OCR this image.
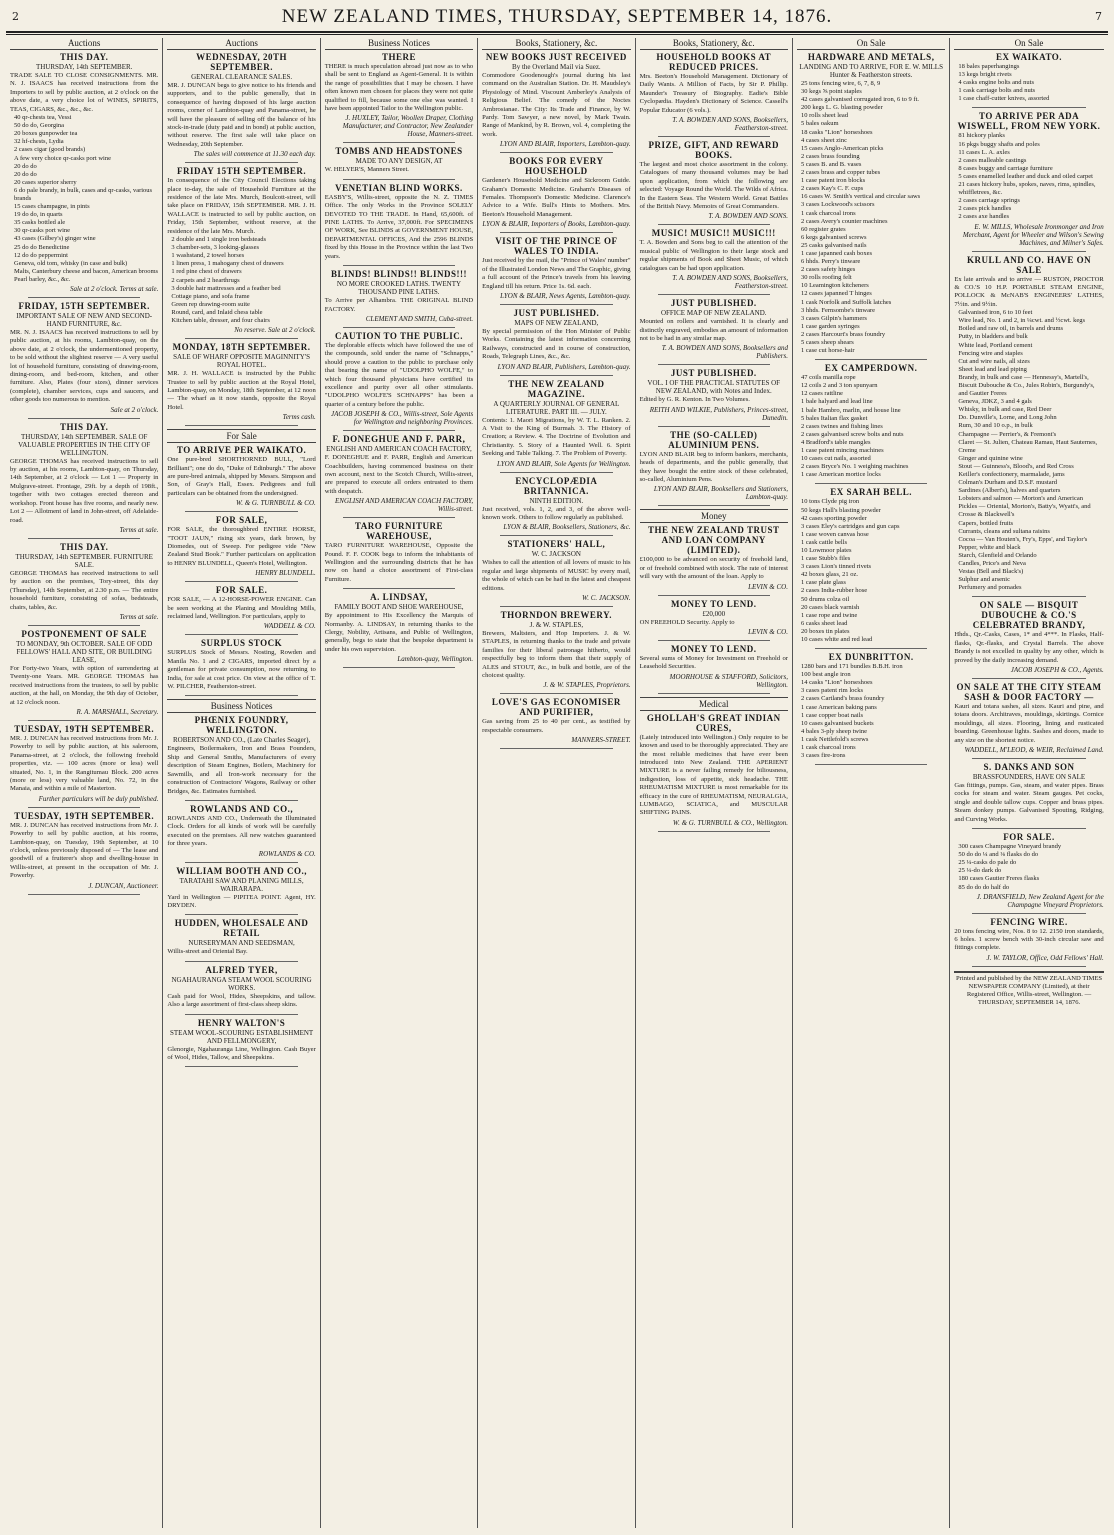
2	NEW ZEALAND TIMES, THURSDAY, SEPTEMBER 14, 1876.	7
Auctions
THIS DAY.
THURSDAY, 14th SEPTEMBER.

TRADE SALE TO CLOSE CONSIGNMENTS. MR. N. J. ISAACS has received instructions from the Importers to sell by public auction, at 2 o'clock on the above date, a very choice lot of WINES, SPIRITS, TEAS, CIGARS, &c., &c., &c.

40 qr-chests tea, Vessi
50 do do, Georgina
20 boxes gunpowder tea
32 hf-chests, Lydia
2 cases cigar (good brands)
A few very choice qr-casks port wine
20 do do
20 do do
20 cases superior sherry
6 do pale brandy, in bulk, cases and qr-casks, various brands
15 cases champagne, in pints
19 do do, in quarts
35 casks bottled ale
30 qr-casks port wine
43 cases (Gilbey's) ginger wine
25 do do Benedictine
12 do do peppermint
Geneva, old tom, whisky (in case and bulk)
Malts, Canterbury cheese and bacon, American brooms
Pearl barley, &c., &c.
Sale at 2 o'clock. Terms at sale.
FRIDAY, 15TH SEPTEMBER.
IMPORTANT SALE OF NEW AND SECOND-HAND FURNITURE, &c.

MR. N. J. ISAACS has received instructions to sell by public auction, at his rooms, Lambton-quay, on the above date, at 2 o'clock, the undermentioned property, to be sold without the slightest reserve — A very useful lot of household furniture, consisting of drawing-room, dining-room, and bed-room, kitchen, and other furniture. Also, Plates (four sizes), dinner services (complete), chamber services, cups and saucers, and other goods too numerous to mention.

Sale at 2 o'clock.
THIS DAY.
THURSDAY, 14th SEPTEMBER. SALE OF VALUABLE PROPERTIES IN THE CITY OF WELLINGTON.

GEORGE THOMAS has received instructions to sell by auction, at his rooms, Lambton-quay, on Thursday, 14th September, at 2 o'clock — Lot 1 — Property in Mulgrave-street. Frontage, 29ft. by a depth of 198ft., together with two cottages erected thereon and workshop. Front house has five rooms, and nearly new. Lot 2 — Allotment of land in John-street, off Adelaide-road.

Terms at sale.
THIS DAY.
THURSDAY, 14th SEPTEMBER. FURNITURE SALE.

GEORGE THOMAS has received instructions to sell by auction on the premises, Tory-street, this day (Thursday), 14th September, at 2.30 p.m. — The entire household furniture, consisting of sofas, bedsteads, chairs, tables, &c.

Terms at sale.
POSTPONEMENT OF SALE
TO MONDAY, 9th OCTOBER. SALE OF ODD FELLOWS' HALL AND SITE, OR BUILDING LEASE,

For Forty-two Years, with option of surrendering at Twenty-one Years. MR. GEORGE THOMAS has received instructions from the trustees, to sell by public auction, at the hall, on Monday, the 9th day of October, at 12 o'clock noon.

R. A. MARSHALL, Secretary.
TUESDAY, 19TH SEPTEMBER.

MR. J. DUNCAN has received instructions from Mr. J. Powerby to sell by public auction, at his saleroom, Panama-street, at 2 o'clock, the following freehold properties, viz. — 100 acres (more or less) well situated, No. 1, in the Rangitumau Block. 200 acres (more or less) very valuable land, No. 72, in the Manaia, and within a mile of Masterton.

Further particulars will be duly published.
TUESDAY, 19TH SEPTEMBER.

MR. J. DUNCAN has received instructions from Mr. J. Powerby to sell by public auction, at his rooms, Lambton-quay, on Tuesday, 19th September, at 10 o'clock, unless previously disposed of — The lease and goodwill of a fruiterer's shop and dwelling-house in Willis-street, at present in the occupation of Mr. J. Powerby.

J. DUNCAN, Auctioneer.
Auctions
WEDNESDAY, 20TH SEPTEMBER.
GENERAL CLEARANCE SALES.

MR. J. DUNCAN begs to give notice to his friends and supporters, and to the public generally, that in consequence of having disposed of his large auction rooms, corner of Lambton-quay and Panama-street, he will have the pleasure of selling off the balance of his stock-in-trade (duty paid and in bond) at public auction, without reserve. The first sale will take place on Wednesday, 20th September.

The sales will commence at 11.30 each day.
FRIDAY 15TH SEPTEMBER.

In consequence of the City Council Elections taking place to-day, the sale of Household Furniture at the residence of the late Mrs. Murch, Boulcott-street, will take place on FRIDAY, 15th SEPTEMBER. MR. J. H. WALLACE is instructed to sell by public auction, on Friday, 15th September, without reserve, at the residence of the late Mrs. Murch.

2 double and 1 single iron bedsteads
3 chamber-sets, 3 looking-glasses
1 washstand, 2 towel horses
1 linen press, 1 mahogany chest of drawers
1 red pine chest of drawers
2 carpets and 2 hearthrugs
3 double hair mattresses and a feather bed
Cottage piano, and sofa frame
Green rep drawing-room suite
Round, card, and Inlaid chess table
Kitchen table, dresser, and four chairs
No reserve. Sale at 2 o'clock.
MONDAY, 18TH SEPTEMBER.
SALE OF WHARF OPPOSITE MAGINNITY'S ROYAL HOTEL.

MR. J. H. WALLACE is instructed by the Public Trustee to sell by public auction at the Royal Hotel, Lambton-quay, on Monday, 18th September, at 12 noon — The wharf as it now stands, opposite the Royal Hotel.

Terms cash.
For Sale
TO ARRIVE PER WAIKATO.

One pure-bred SHORTHORNED BULL, "Lord Brilliant"; one do do, "Duke of Edinburgh." The above are pure-bred animals, shipped by Messrs. Simpson and Son, of Gray's Hall, Essex. Pedigrees and full particulars can be obtained from the undersigned.

W. & G. TURNBULL & CO.
FOR SALE,

FOR SALE, the thoroughbred ENTIRE HORSE, "TOOT JAUN," rising six years, dark brown, by Diomedes, out of Sweep. For pedigree vide "New Zealand Stud Book." Further particulars on application to HENRY BLUNDELL, Queen's Hotel, Wellington.

HENRY BLUNDELL.
FOR SALE.

FOR SALE, — A 12-HORSE-POWER ENGINE. Can be seen working at the Planing and Moulding Mills, reclaimed land, Wellington. For particulars, apply to

WADDELL & CO.
SURPLUS STOCK

SURPLUS Stock of Messrs. Nosting, Rowden and Manila No. 1 and 2 CIGARS, imported direct by a gentleman for private consumption, now returning to India, for sale at cost price. On view at the office of T. W. PILCHER, Featherston-street.

Business Notices
PHŒNIX FOUNDRY, WELLINGTON.
ROBERTSON AND CO., (Late Charles Seager),

Engineers, Boilermakers, Iron and Brass Founders, Ship and General Smiths, Manufacturers of every description of Steam Engines, Boilers, Machinery for Sawmills, and all Iron-work necessary for the construction of Contractors' Wagons, Railway or other Bridges, &c. Estimates furnished.

ROWLANDS AND CO.,

ROWLANDS AND CO., Underneath the Illuminated Clock. Orders for all kinds of work will be carefully executed on the premises. All new watches guaranteed for three years.

ROWLANDS & CO.
WILLIAM BOOTH AND CO.,
TARATAHI SAW AND PLANING MILLS, WAIRARAPA.

Yard in Wellington — PIPITEA POINT. Agent, HY. DRYDEN.

HUDDEN, WHOLESALE AND RETAIL
NURSERYMAN AND SEEDSMAN,

Willis-street and Oriental Bay.

ALFRED TYER,
NGAHAURANGA STEAM WOOL SCOURING WORKS.

Cash paid for Wool, Hides, Sheepskins, and tallow. Also a large assortment of first-class sheep skins.

HENRY WALTON'S
STEAM WOOL-SCOURING ESTABLISHMENT AND FELLMONGERY,

Glenorgie, Ngahauranga Line, Wellington. Cash Buyer of Wool, Hides, Tallow, and Sheepskins.

Business Notices
THERE

THERE is much speculation abroad just now as to who shall be sent to England as Agent-General. It is within the range of possibilities that I may be chosen. I have often known men chosen for places they were not quite qualified to fill, because some one else was wanted. I have been appointed Tailor to the Wellington public.

J. HUXLEY, Tailor, Woollen Draper, Clothing Manufacturer, and Contractor, New Zealander House, Manners-street.
TOMBS AND HEADSTONES
MADE TO ANY DESIGN, AT

W. HELYER'S, Manners Street.

VENETIAN BLIND WORKS.

EASBY'S, Willis-street, opposite the N. Z. TIMES Office. The only Works in the Province SOLELY DEVOTED TO THE TRADE. In Hand, 65,600ft. of PINE LATHS. To Arrive, 37,000ft. For SPECIMENS OF WORK, See BLINDS at GOVERNMENT HOUSE, DEPARTMENTAL OFFICES, And the 2596 BLINDS fixed by this House in the Province within the last Two years.

BLINDS! BLINDS!! BLINDS!!!
NO MORE CROOKED LATHS. TWENTY THOUSAND PINE LATHS.

To Arrive per Alhambra. THE ORIGINAL BLIND FACTORY.

CLEMENT AND SMITH, Cuba-street.
CAUTION TO THE PUBLIC.

The deplorable effects which have followed the use of the compounds, sold under the name of "Schnapps," should prove a caution to the public to purchase only that bearing the name of "UDOLPHO WOLFE," to which four thousand physicians have certified its excellence and purity over all other stimulants. "UDOLPHO WOLFE'S SCHNAPPS" has been a quarter of a century before the public.

JACOB JOSEPH & CO., Willis-street, Sole Agents for Wellington and neighboring Provinces.
F. DONEGHUE AND F. PARR,
ENGLISH AND AMERICAN COACH FACTORY,

F. DONEGHUE and F. PARR, English and American Coachbuilders, having commenced business on their own account, next to the Scotch Church, Willis-street, are prepared to execute all orders entrusted to them with despatch.

ENGLISH AND AMERICAN COACH FACTORY, Willis-street.
TARO FURNITURE WAREHOUSE,

TARO FURNITURE WAREHOUSE, Opposite the Pound. F. F. COOK begs to inform the inhabitants of Wellington and the surrounding districts that he has now on hand a choice assortment of First-class Furniture.

A. LINDSAY,
FAMILY BOOT AND SHOE WAREHOUSE,

By appointment to His Excellency the Marquis of Normanby. A. LINDSAY, in returning thanks to the Clergy, Nobility, Artisans, and Public of Wellington, generally, begs to state that the bespoke department is under his own supervision.

Lambton-quay, Wellington.
Books, Stationery, &c.
NEW BOOKS JUST RECEIVED
By the Overland Mail via Suez.

Commodore Goodenough's journal during his last command on the Australian Station. Dr. H. Maudsley's Physiology of Mind. Viscount Amberley's Analysis of Religious Belief. The comedy of the Noctes Ambrosianae. The City: Its Trade and Finance, by W. Pardy. Tom Sawyer, a new novel, by Mark Twain. Range of Mankind, by R. Brown, vol. 4, completing the work.

LYON AND BLAIR, Importers, Lambton-quay.
BOOKS FOR EVERY HOUSEHOLD

Gardener's Household Medicine and Sickroom Guide. Graham's Domestic Medicine. Graham's Diseases of Females. Thompson's Domestic Medicine. Clarence's Advice to a Wife. Bull's Hints to Mothers. Mrs. Beeton's Household Management.

LYON & BLAIR, Importers of Books, Lambton-quay.
VISIT OF THE PRINCE OF WALES TO INDIA.

Just received by the mail, the "Prince of Wales' number" of the Illustrated London News and The Graphic, giving a full account of the Prince's travels from his leaving England till his return. Price 1s. 6d. each.

LYON & BLAIR, News Agents, Lambton-quay.
JUST PUBLISHED.
MAPS OF NEW ZEALAND,

By special permission of the Hon Minister of Public Works. Containing the latest information concerning Railways, constructed and in course of construction, Roads, Telegraph Lines, &c., &c.

LYON AND BLAIR, Publishers, Lambton-quay.
THE NEW ZEALAND MAGAZINE.
A QUARTERLY JOURNAL OF GENERAL LITERATURE. PART III. — JULY.

Contents: 1. Maori Migrations, by W. T. L. Ranken. 2. A Visit to the King of Burmah. 3. The History of Creation; a Review. 4. The Doctrine of Evolution and Christianity. 5. Story of a Haunted Well. 6. Spirit Seeking and Table Talking. 7. The Problem of Poverty.

LYON AND BLAIR, Sole Agents for Wellington.
ENCYCLOPÆDIA BRITANNICA.
NINTH EDITION.

Just received, vols. 1, 2, and 3, of the above well-known work. Others to follow regularly as published.

LYON & BLAIR, Booksellers, Stationers, &c.
STATIONERS' HALL,
W. C. JACKSON

Wishes to call the attention of all lovers of music to his regular and large shipments of MUSIC by every mail, the whole of which can be had in the latest and cheapest editions.

W. C. JACKSON.
THORNDON BREWERY.
J. & W. STAPLES,

Brewers, Maltsters, and Hop Importers. J. & W. STAPLES, in returning thanks to the trade and private families for their liberal patronage hitherto, would respectfully beg to inform them that their supply of ALES and STOUT, &c., in bulk and bottle, are of the choicest quality.

J. & W. STAPLES, Proprietors.
LOVE'S GAS ECONOMISER AND PURIFIER,

Gas saving from 25 to 40 per cent., as testified by respectable consumers.

MANNERS-STREET.
Books, Stationery, &c.
HOUSEHOLD BOOKS AT REDUCED PRICES.

Mrs. Beeton's Household Management. Dictionary of Daily Wants. A Million of Facts, by Sir P. Phillip. Maunder's Treasury of Biography. Eadie's Bible Cyclopædia. Hayden's Dictionary of Science. Cassell's Popular Educator (6 vols.).

T. A. BOWDEN AND SONS, Booksellers, Featherston-street.
PRIZE, GIFT, AND REWARD BOOKS.

The largest and most choice assortment in the colony. Catalogues of many thousand volumes may be had upon application, from which the following are selected: Voyage Round the World. The Wilds of Africa. In the Eastern Seas. The Western World. Great Battles of the British Navy. Memoirs of Great Commanders.

T. A. BOWDEN AND SONS.
MUSIC! MUSIC!! MUSIC!!!

T. A. Bowden and Sons beg to call the attention of the musical public of Wellington to their large stock and regular shipments of Book and Sheet Music, of which catalogues can be had upon application.

T. A. BOWDEN AND SONS, Booksellers, Featherston-street.
JUST PUBLISHED.
OFFICE MAP OF NEW ZEALAND.

Mounted on rollers and varnished. It is clearly and distinctly engraved, embodies an amount of information not to be had in any similar map.

T. A. BOWDEN AND SONS, Booksellers and Publishers.
JUST PUBLISHED.
VOL. I OF THE PRACTICAL STATUTES OF NEW ZEALAND, with Notes and Index.

Edited by G. R. Kenton. In Two Volumes.

REITH AND WILKIE, Publishers, Princes-street, Dunedin.
THE (SO-CALLED) ALUMINIUM PENS.

LYON AND BLAIR beg to inform bankers, merchants, heads of departments, and the public generally, that they have bought the entire stock of these celebrated, so-called, Aluminium Pens.

LYON AND BLAIR, Booksellers and Stationers, Lambton-quay.
Money
THE NEW ZEALAND TRUST AND LOAN COMPANY (LIMITED).

£100,000 to be advanced on security of freehold land, or of freehold combined with stock. The rate of interest will vary with the amount of the loan. Apply to

LEVIN & CO.
MONEY TO LEND.
£20,000

ON FREEHOLD Security. Apply to

LEVIN & CO.
MONEY TO LEND.

Several sums of Money for Investment on Freehold or Leasehold Securities.

MOORHOUSE & STAFFORD, Solicitors, Wellington.
Medical
GHOLLAH'S GREAT INDIAN CURES,

(Lately introduced into Wellington.) Only require to be known and used to be thoroughly appreciated. They are the most reliable medicines that have ever been introduced into New Zealand. THE APERIENT MIXTURE is a never failing remedy for biliousness, indigestion, loss of appetite, sick headache. THE RHEUMATISM MIXTURE is most remarkable for its efficacy in the cure of RHEUMATISM, NEURALGIA, LUMBAGO, SCIATICA, and MUSCULAR SHIFTING PAINS.

W. & G. TURNBULL & CO., Wellington.
On Sale
HARDWARE AND METALS,
LANDING AND TO ARRIVE, FOR E. W. MILLS Hunter & Featherston streets.
25 tons fencing wire, 6, 7, 8, 9
30 kegs ⅝ point staples
42 cases galvanised corrugated iron, 6 to 9 ft.
200 kegs L. G. blasting powder
10 rolls sheet lead
5 bales oakum
18 casks "Lion" horseshoes
4 cases sheet zinc
15 cases Anglo-American picks
2 cases brass founding
5 cases B. and B. vases
2 cases brass and copper tubes
1 case patent iron blocks
2 cases Kay's C. F. cups
16 cases W. Smith's vertical and circular saws
3 cases Lockwood's scissors
1 cask charcoal irons
2 cases Avery's counter machines
60 register grates
6 kegs galvanised screws
25 casks galvanised nails
1 case japanned cash boxes
6 hhds. Perry's tinware
2 cases safety hinges
30 rolls roofing felt
10 Leamington kitcheners
12 cases japanned T hinges
1 cask Norfolk and Suffolk latches
3 hhds. Fernsombe's tinware
3 cases Gilpin's hammers
1 case garden syringes
2 cases Harcourt's brass foundry
5 cases sheep shears
1 case cut horse-hair
EX CAMPERDOWN.
47 coils manilla rope
12 coils 2 and 3 ton spunyarn
12 cases rattline
1 bale halyard and lead line
1 bale Hambro, marlin, and house line
5 bales Italian flax gasket
2 cases twines and fishing lines
2 cases galvanised screw bolts and nuts
4 Bradford's table mangles
1 case patent mincing machines
10 cases cut nails, assorted
2 cases Bryce's No. 1 weighing machines
1 case American mortice locks
EX SARAH BELL.
10 tons Clyde pig iron
50 kegs Hall's blasting powder
42 cases sporting powder
3 cases Eley's cartridges and gun caps
1 case woven canvas hose
1 cask cattle bells
10 Lowmoor plates
1 case Stubb's files
3 cases Lion's tinned rivets
42 boxes glass, 21 oz.
1 case plate glass
2 cases India-rubber hose
50 drums colza oil
20 cases black varnish
1 case rope and twine
6 casks sheet lead
20 boxes tin plates
10 cases white and red lead
EX DUNBRITTON.
1280 bars and 171 bundles B.B.H. iron
100 best angle iron
14 casks "Lion" horseshoes
3 cases patent rim locks
2 cases Cartland's brass foundry
1 case American baking pans
1 case copper boat nails
10 cases galvanised buckets
4 bales 3-ply sheep twine
1 cask Nettlefold's screws
1 cask charcoal irons
3 cases fire-irons
On Sale
EX WAIKATO.
18 bales paperhangings
13 kegs bright rivets
4 casks engine bolts and nuts
1 cask carriage bolts and nuts
1 case chaff-cutter knives, assorted
TO ARRIVE PER ADA WISWELL, FROM NEW YORK.
81 hickory planks
16 pkgs buggy shafts and poles
11 cases L. A. axles
2 cases malleable castings
8 cases buggy and carriage furniture
5 cases enamelled leather and duck and oiled carpet
21 cases hickory hubs, spokes, naves, rims, spindles, whiffletrees, &c.
2 cases carriage springs
2 cases pick handles
2 cases axe handles
E. W. MILLS, Wholesale Ironmonger and Iron Merchant, Agent for Wheeler and Wilson's Sewing Machines, and Milner's Safes.
KRULL AND CO. HAVE ON SALE

Ex late arrivals and to arrive — RUSTON, PROCTOR & CO.'S 10 H.P. PORTABLE STEAM ENGINE, POLLOCK & McNAB'S ENGINEERS' LATHES, 7½in. and 9½in.

Galvanised iron, 6 to 10 feet
Wire lead, No. 1 and 2, in ¼cwt. and ½cwt. kegs
Boiled and raw oil, in barrels and drums
Putty, in bladders and bulk
White lead, Portland cement
Fencing wire and staples
Cut and wire nails, all sizes
Sheet lead and lead piping
Brandy, in bulk and case — Hennessy's, Martell's, Biscuit Dubouche & Co., Jules Robin's, Burgundy's, and Gautier Freres
Geneva, JDKZ, 3 and 4 gals
Whisky, in bulk and case, Red Deer
Do. Dunville's, Lorne, and Long John
Rum, 30 and 10 o.p., in bulk
Champagne — Perrier's, & Fremont's
Claret — St. Julien, Chateau Ramau, Haut Sauternes, Creme
Ginger and quinine wine
Stout — Guinness's, Blood's, and Red Cross
Keiller's confectionery, marmalade, jams
Colman's Durham and D.S.F. mustard
Sardines (Albert's), halves and quarters
Lobsters and salmon — Morton's and American
Pickles — Oriental, Morton's, Batty's, Wyatt's, and Crosse & Blackwell's
Capers, bottled fruits
Currants, cleans and sultana raisins
Cocoa — Van Houten's, Fry's, Epps', and Taylor's
Pepper, white and black
Starch, Glenfield and Orlando
Candles, Price's and Neva
Vestas (Bell and Black's)
Sulphur and arsenic
Perfumery and pomades
ON SALE — BISQUIT DUBOUCHE & CO.'S CELEBRATED BRANDY,

Hhds., Qr.-Casks, Cases, 1* and 4***. In Flasks, Half-flasks, Qr.-flasks, and Crystal Barrels. The above Brandy is not excelled in quality by any other, which is proved by the daily increasing demand.

JACOB JOSEPH & CO., Agents.
ON SALE AT THE CITY STEAM SASH & DOOR FACTORY —

Kauri and totara sashes, all sizes. Kauri and pine, and totara doors. Architraves, mouldings, skirtings. Cornice mouldings, all sizes. Flooring, lining and rusticated boarding. Greenhouse lights. Sashes and doors, made to any size on the shortest notice.

WADDELL, M'LEOD, & WEIR, Reclaimed Land.
S. DANKS AND SON
BRASSFOUNDERS, HAVE ON SALE

Gas fittings, pumps. Gas, steam, and water pipes. Brass cocks for steam and water. Steam gauges. Pet cocks, single and double tallow cups. Copper and brass pipes. Steam donkey pumps. Galvanised Spouting, Ridging, and Curving Works.

FOR SALE.
300 cases Champagne Vineyard brandy
50 do do ¼ and ⅛ flasks do do
25 ¼-casks do pale do
25 ¼-do dark do
180 cases Gautier Freres flasks
85 do do do half do
J. DRANSFIELD, New Zealand Agent for the Champagne Vineyard Proprietors.
FENCING WIRE.

20 tons fencing wire, Nos. 8 to 12. 2150 iron standards, 6 holes. 1 screw bench with 30-inch circular saw and fittings complete.

J. W. TAYLOR, Office, Odd Fellows' Hall.
Printed and published by the NEW ZEALAND TIMES NEWSPAPER COMPANY (Limited), at their Registered Office, Willis-street, Wellington. — THURSDAY, SEPTEMBER 14, 1876.
